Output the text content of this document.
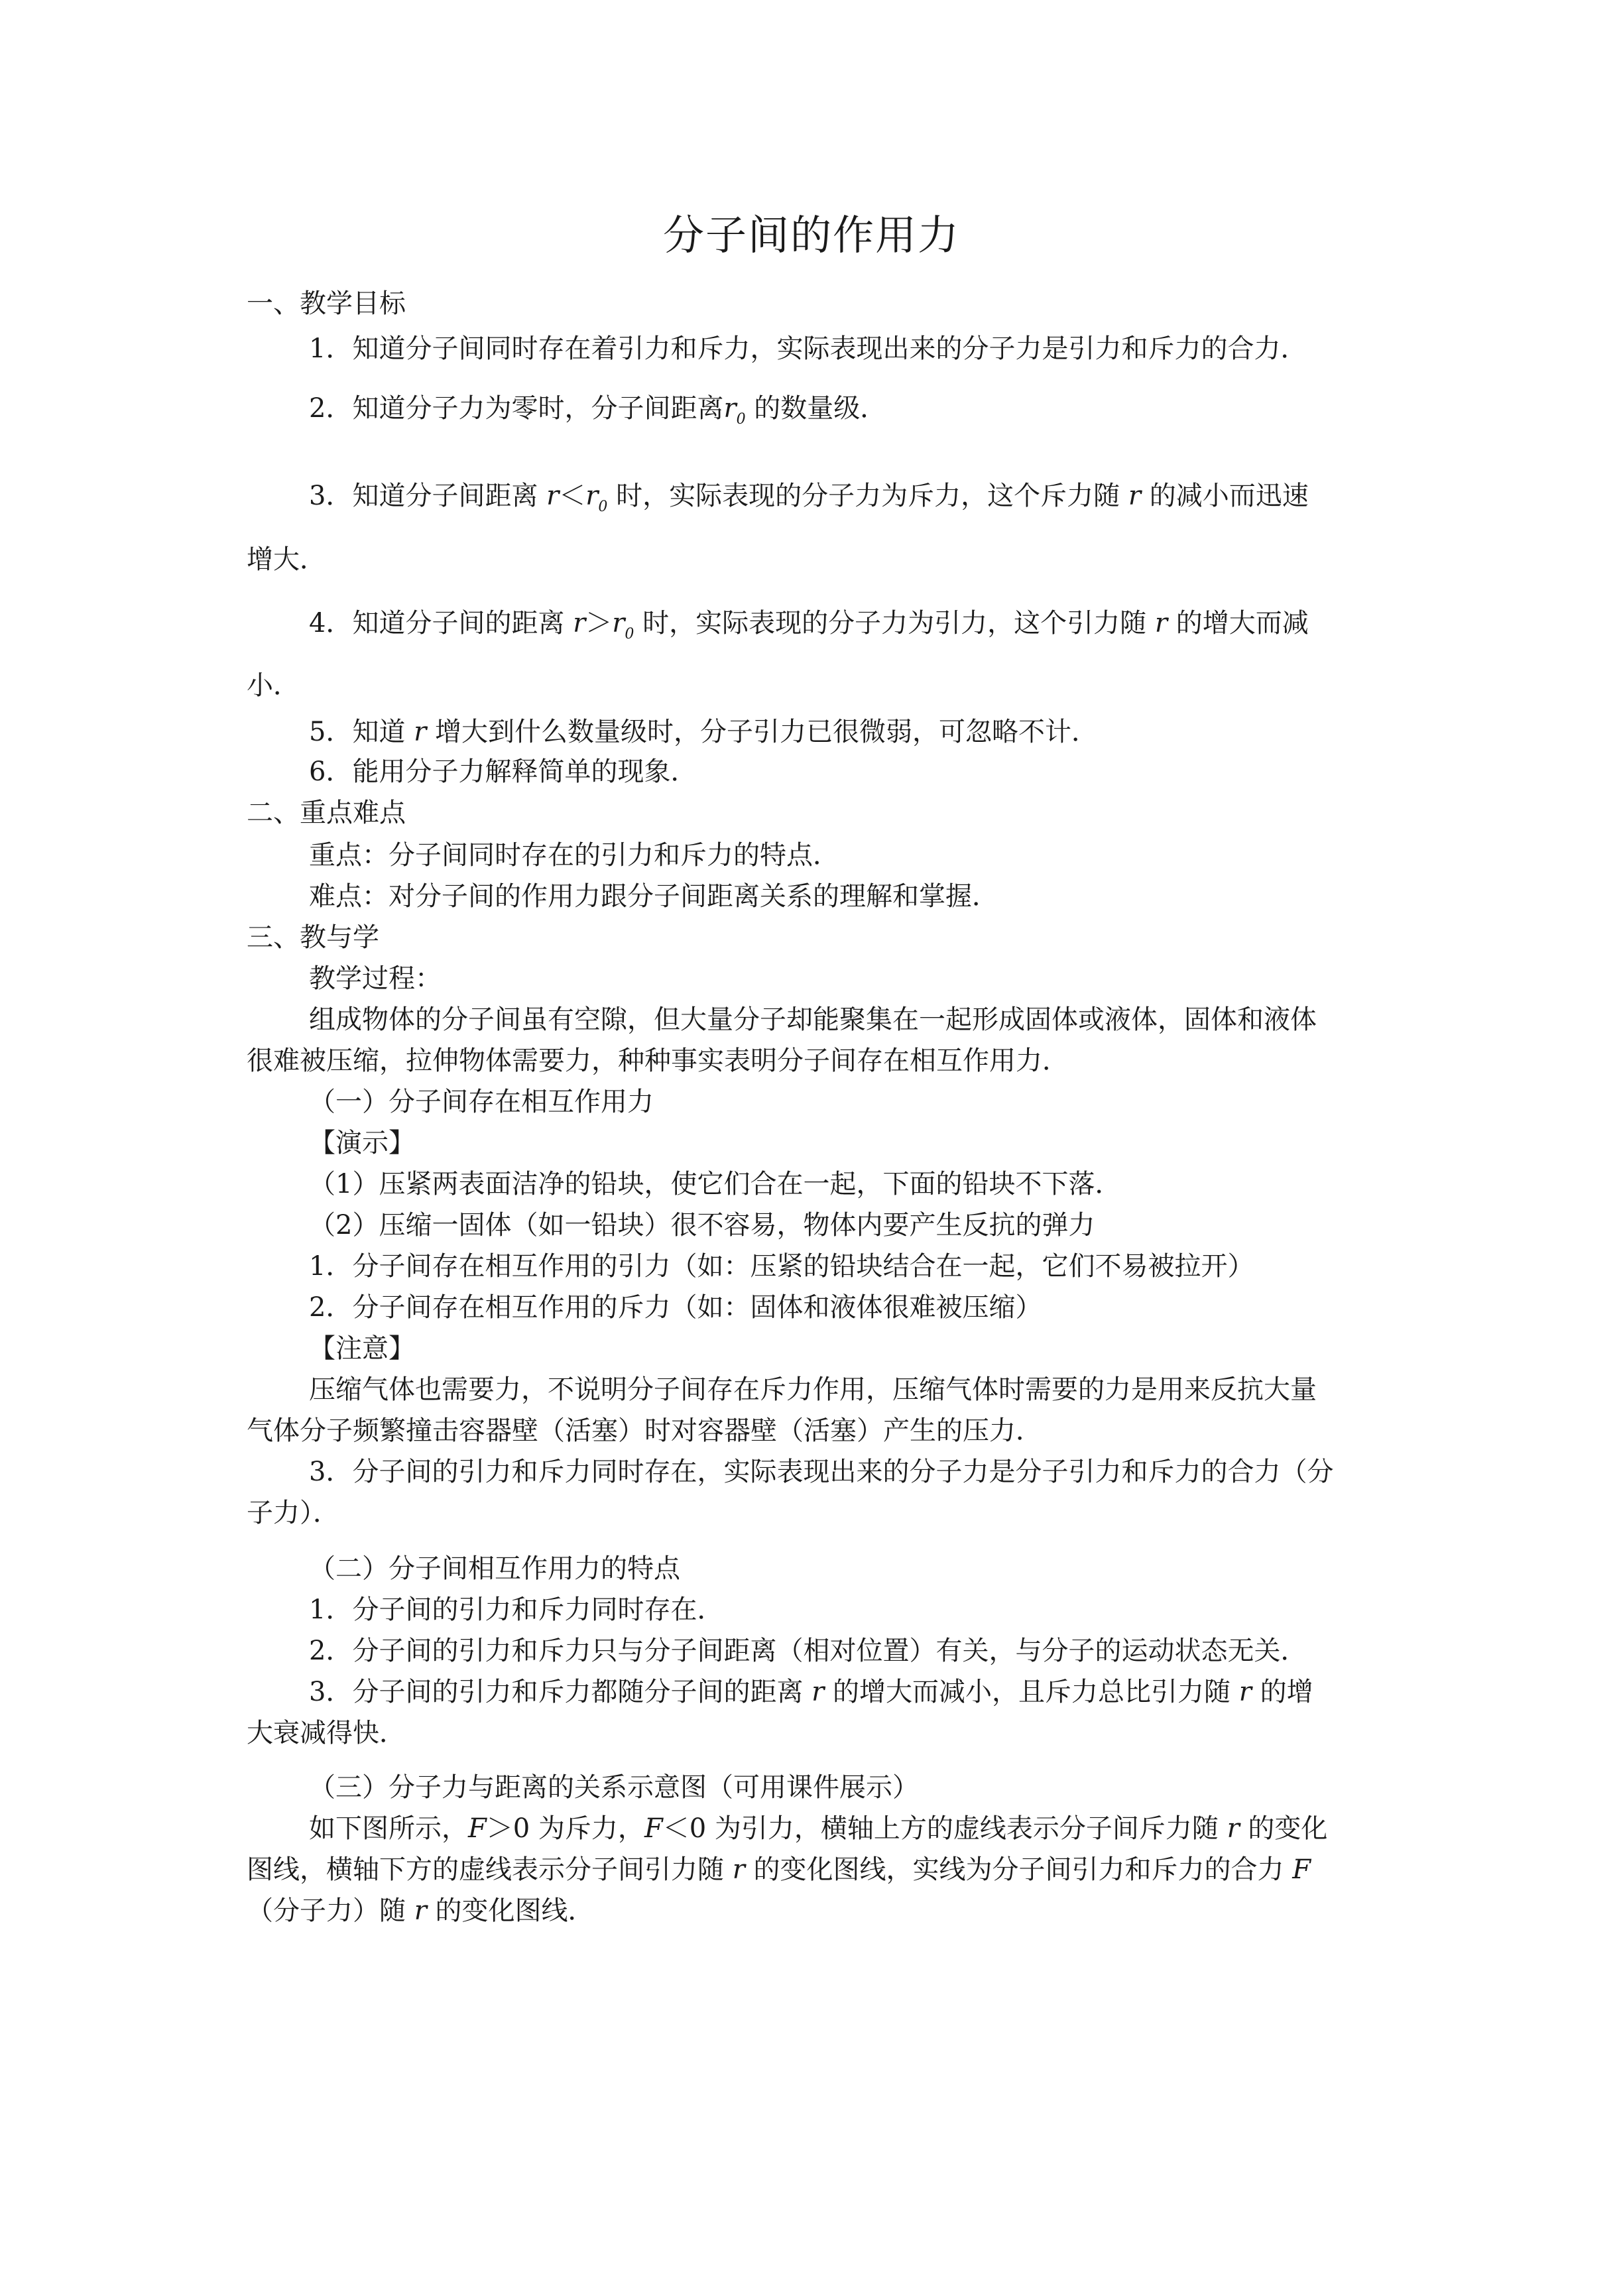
分子间的作用力
一、教学目标
1．知道分子间同时存在着引力和斥力，实际表现出来的分子力是引力和斥力的合力．
2．知道分子力为零时，分子间距离$r_0$ 的数量级．
3．知道分子间距离 $r<r_0$ 时，实际表现的分子力为斥力，这个斥力随 r 的减小而迅速
增大．
4．知道分子间的距离 $r>r_0$ 时，实际表现的分子力为引力，这个引力随 r 的增大而减
小．
5．知道 r 增大到什么数量级时，分子引力已很微弱，可忽略不计．
6．能用分子力解释简单的现象．
二、重点难点
重点：分子间同时存在的引力和斥力的特点．
难点：对分子间的作用力跟分子间距离关系的理解和掌握．
三、教与学
教学过程：
组成物体的分子间虽有空隙，但大量分子却能聚集在一起形成固体或液体，固体和液体
很难被压缩，拉伸物体需要力，种种事实表明分子间存在相互作用力．
（一）分子间存在相互作用力
【演示】
（1）压紧两表面洁净的铅块，使它们合在一起，下面的铅块不下落．
（2）压缩一固体（如一铅块）很不容易，物体内要产生反抗的弹力
1．分子间存在相互作用的引力（如：压紧的铅块结合在一起，它们不易被拉开）
2．分子间存在相互作用的斥力（如：固体和液体很难被压缩）
【注意】
压缩气体也需要力，不说明分子间存在斥力作用，压缩气体时需要的力是用来反抗大量
气体分子频繁撞击容器壁（活塞）时对容器壁（活塞）产生的压力．
3．分子间的引力和斥力同时存在，实际表现出来的分子力是分子引力和斥力的合力（分
子力）．
（二）分子间相互作用力的特点
1．分子间的引力和斥力同时存在．
2．分子间的引力和斥力只与分子间距离（相对位置）有关，与分子的运动状态无关．
3．分子间的引力和斥力都随分子间的距离 r 的增大而减小，且斥力总比引力随 r 的增
大衰减得快．
（三）分子力与距离的关系示意图（可用课件展示）
如下图所示，F＞0 为斥力，F＜0 为引力，横轴上方的虚线表示分子间斥力随 r 的变化
图线，横轴下方的虚线表示分子间引力随 r 的变化图线，实线为分子间引力和斥力的合力 F
（分子力）随 r 的变化图线．
